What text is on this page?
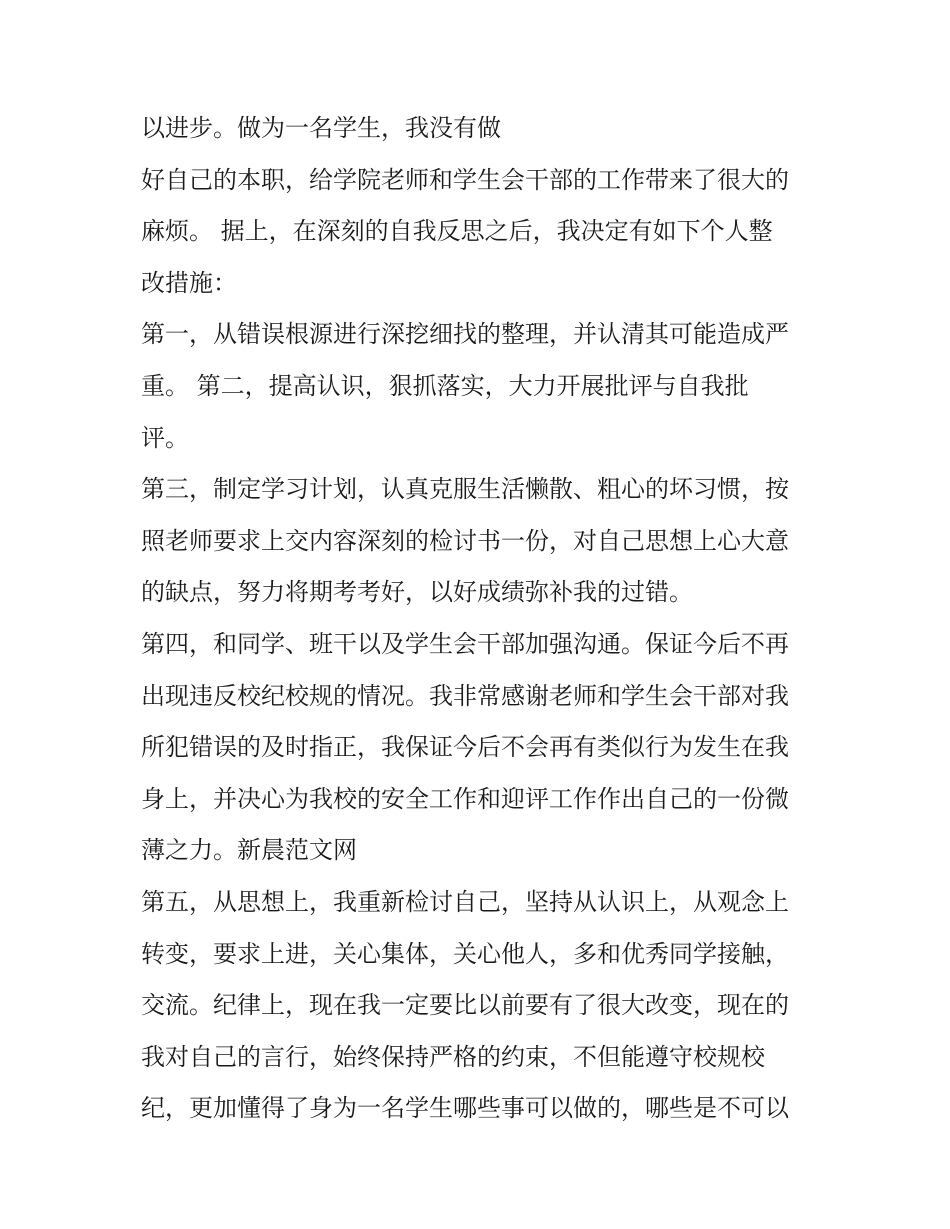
以进步。做为一名学生，我没有做
好自己的本职，给学院老师和学生会干部的工作带来了很大的
麻烦。 据上，在深刻的自我反思之后，我决定有如下个人整
改措施：
第一，从错误根源进行深挖细找的整理，并认清其可能造成严
重。 第二，提高认识，狠抓落实，大力开展批评与自我批
评。
第三，制定学习计划，认真克服生活懒散、粗心的坏习惯，按
照老师要求上交内容深刻的检讨书一份，对自己思想上心大意
的缺点，努力将期考考好，以好成绩弥补我的过错。
第四，和同学、班干以及学生会干部加强沟通。保证今后不再
出现违反校纪校规的情况。我非常感谢老师和学生会干部对我
所犯错误的及时指正，我保证今后不会再有类似行为发生在我
身上，并决心为我校的安全工作和迎评工作作出自己的一份微
薄之力。新晨范文网
第五，从思想上，我重新检讨自己，坚持从认识上，从观念上
转变，要求上进，关心集体，关心他人，多和优秀同学接触，
交流。纪律上，现在我一定要比以前要有了很大改变，现在的
我对自己的言行，始终保持严格的约束，不但能遵守校规校
纪，更加懂得了身为一名学生哪些事可以做的，哪些是不可以
